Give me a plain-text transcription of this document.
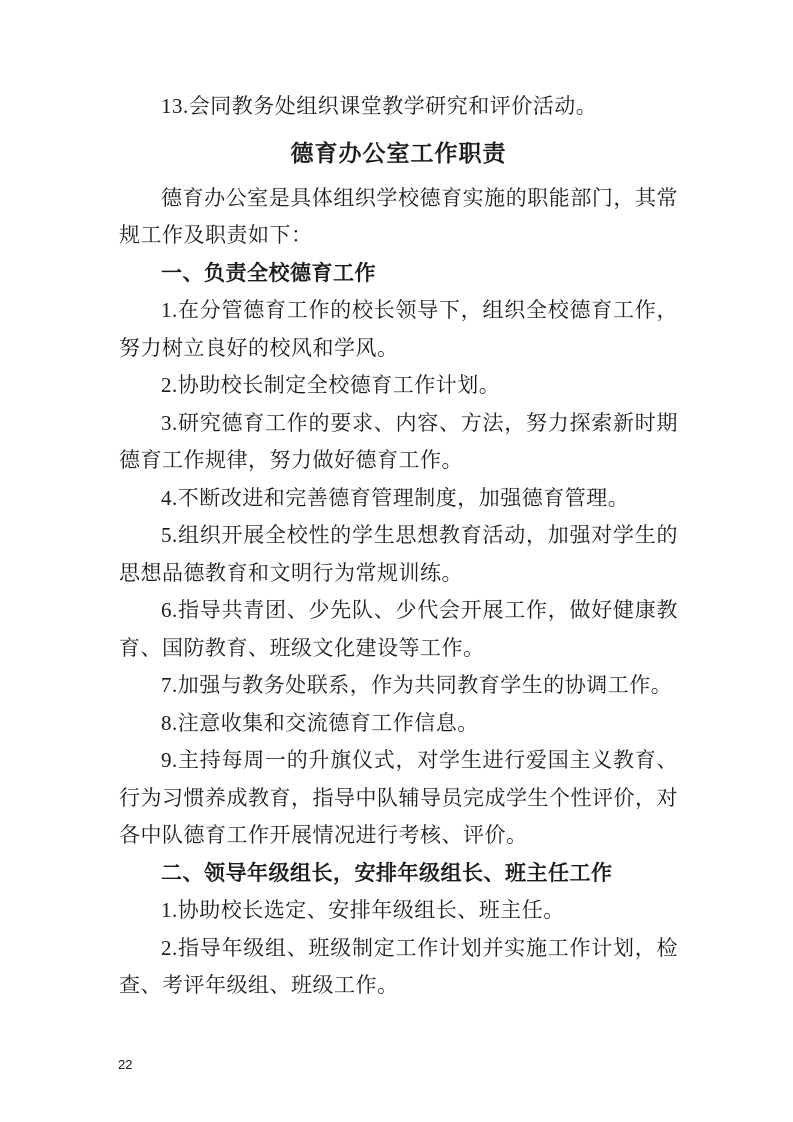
13.会同教务处组织课堂教学研究和评价活动。

德育办公室工作职责

德育办公室是具体组织学校德育实施的职能部门，其常规工作及职责如下：

一、负责全校德育工作

1.在分管德育工作的校长领导下，组织全校德育工作，努力树立良好的校风和学风。

2.协助校长制定全校德育工作计划。

3.研究德育工作的要求、内容、方法，努力探索新时期德育工作规律，努力做好德育工作。

4.不断改进和完善德育管理制度，加强德育管理。

5.组织开展全校性的学生思想教育活动，加强对学生的思想品德教育和文明行为常规训练。

6.指导共青团、少先队、少代会开展工作，做好健康教育、国防教育、班级文化建设等工作。

7.加强与教务处联系，作为共同教育学生的协调工作。

8.注意收集和交流德育工作信息。

9.主持每周一的升旗仪式，对学生进行爱国主义教育、行为习惯养成教育，指导中队辅导员完成学生个性评价，对各中队德育工作开展情况进行考核、评价。

二、领导年级组长，安排年级组长、班主任工作

1.协助校长选定、安排年级组长、班主任。

2.指导年级组、班级制定工作计划并实施工作计划，检查、考评年级组、班级工作。

22
